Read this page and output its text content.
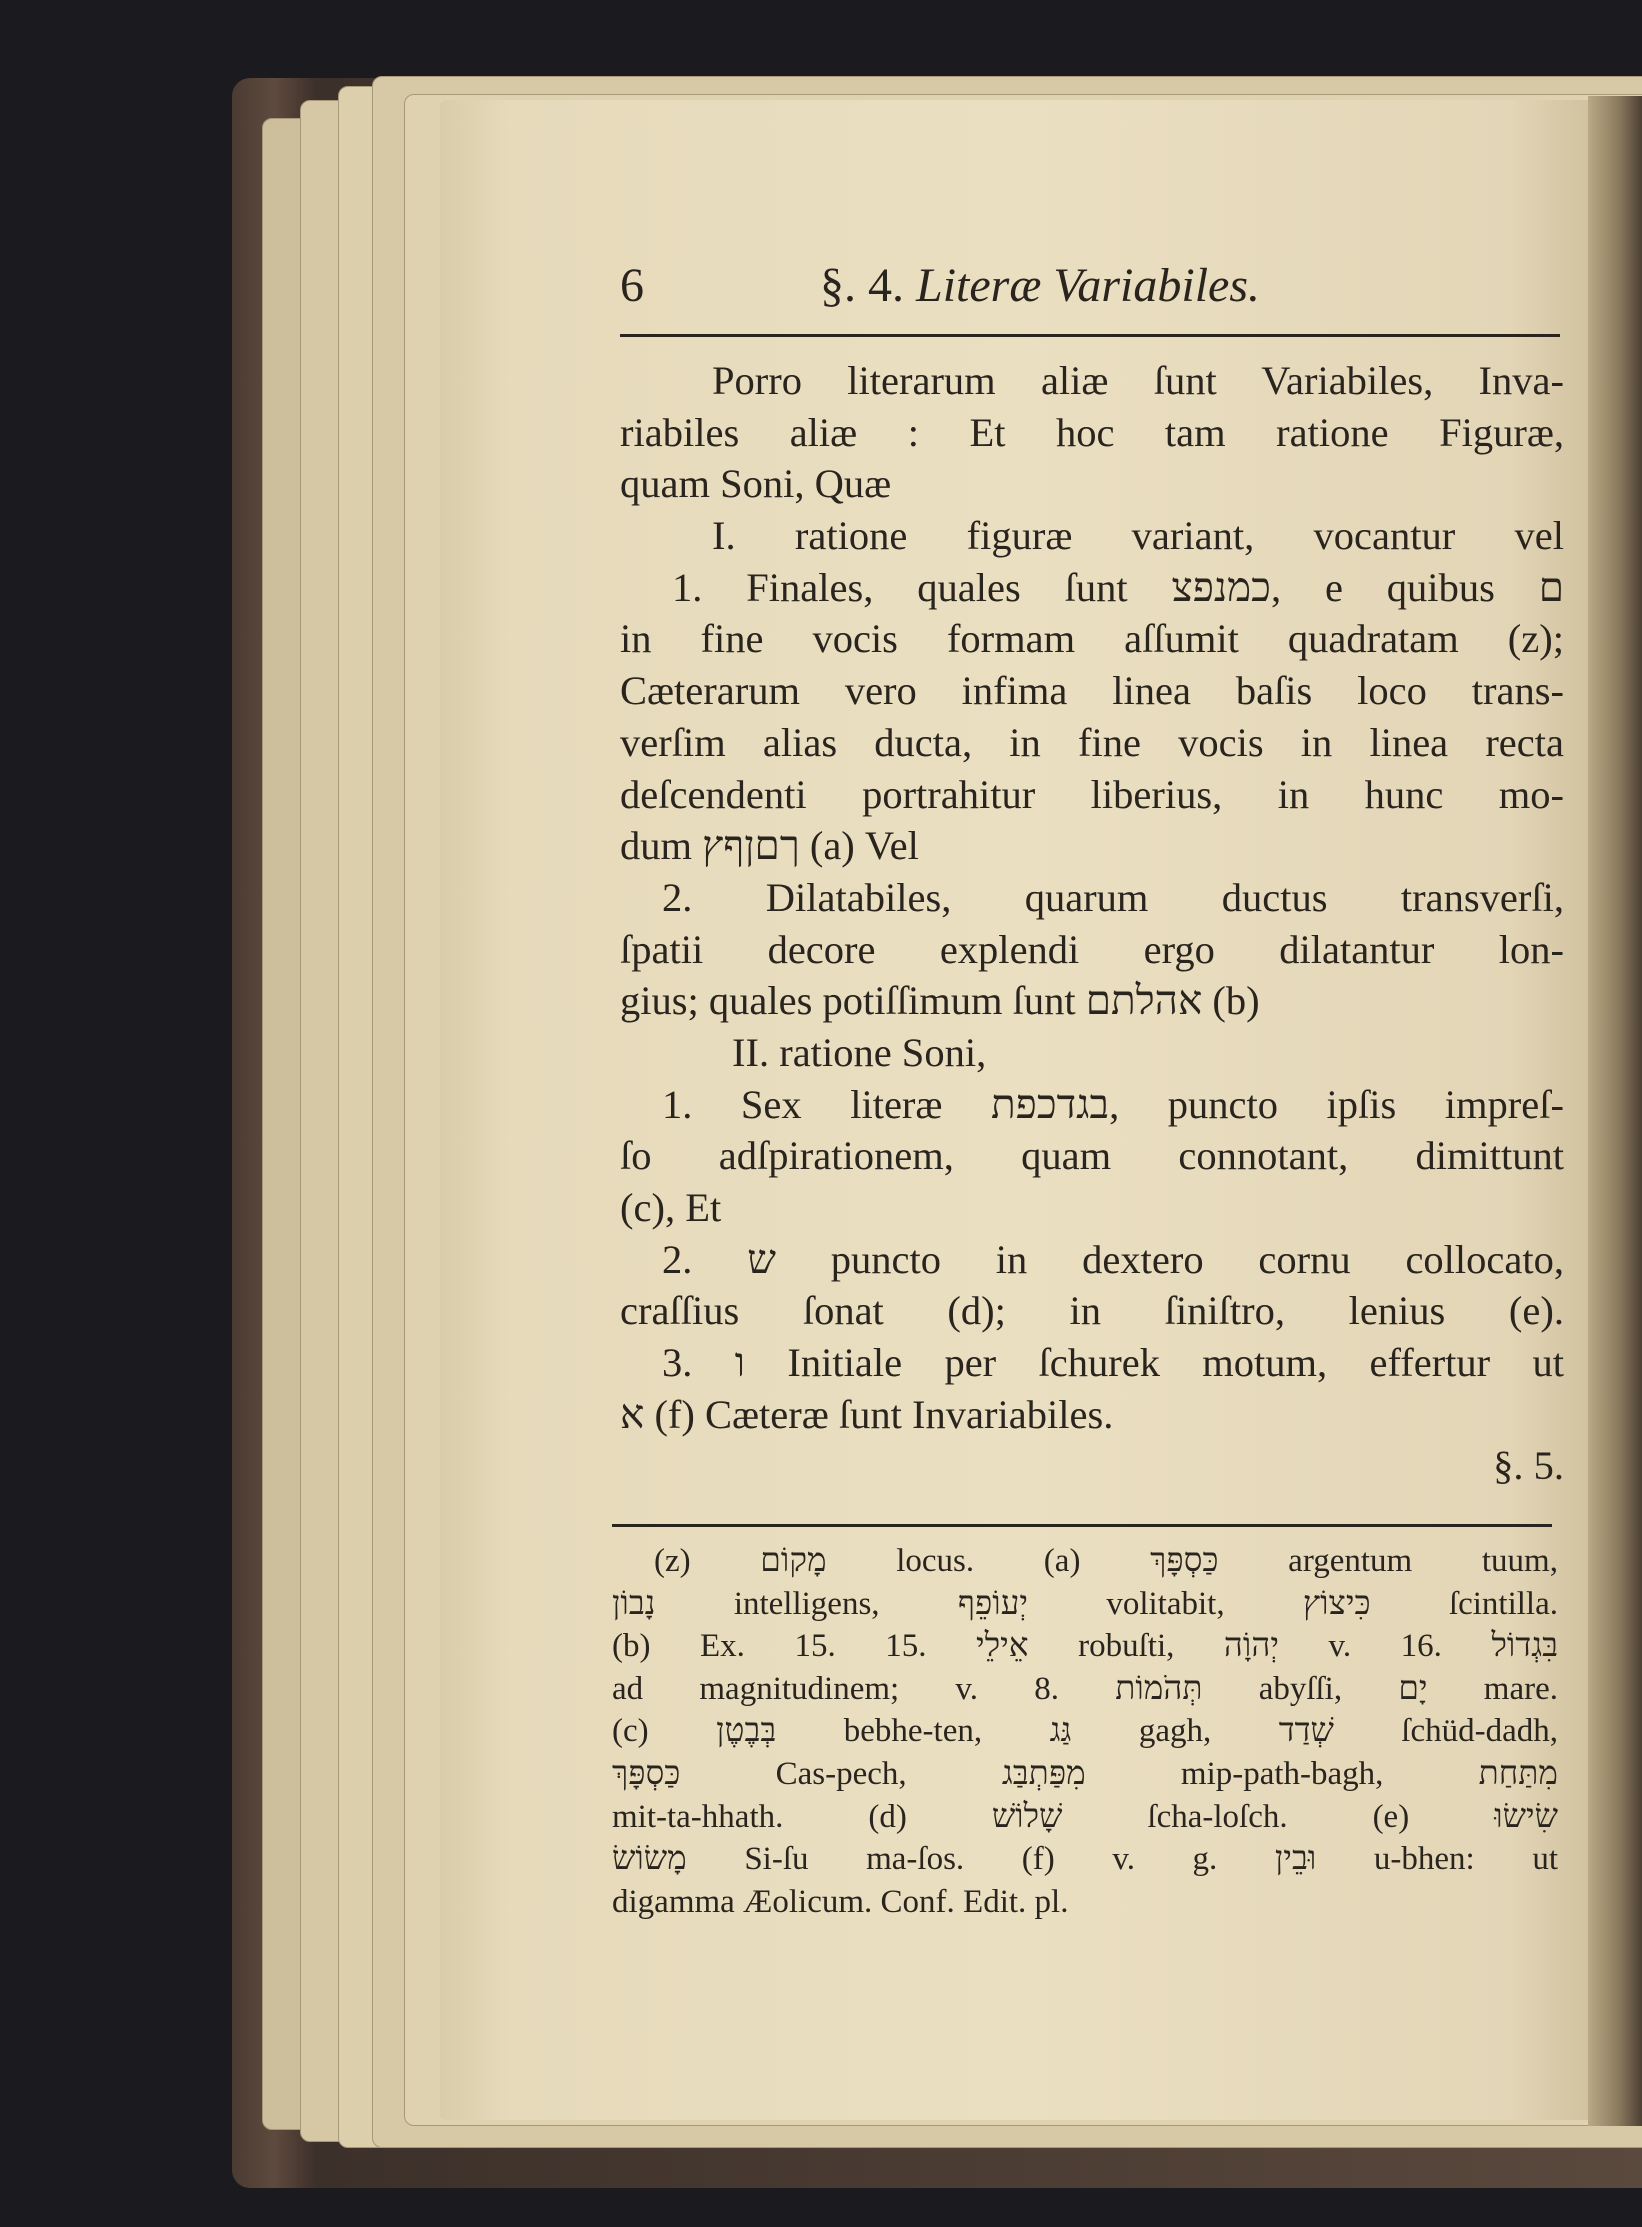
6	§. 4. Literæ Variabiles.
Porro literarum aliæ ſunt Variabiles, Inva-
riabiles aliæ : Et hoc tam ratione Figuræ,
quam Soni, Quæ
I. ratione figuræ variant, vocantur vel
1. Finales, quales ſunt כמנפצ, e quibus ם
in fine vocis formam aſſumit quadratam (z);
Cæterarum vero infima linea baſis loco trans-
verſim alias ducta, in fine vocis in linea recta
deſcendenti portrahitur liberius, in hunc mo-
dum ךםןףץ (a) Vel
2. Dilatabiles, quarum ductus transverſi,
ſpatii decore explendi ergo dilatantur lon-
gius; quales potiſſimum ſunt אהלתם (b)
II. ratione Soni,
1. Sex literæ בגדכפת, puncto ipſis impreſ-
ſo adſpirationem, quam connotant, dimittunt
(c), Et
2. ש puncto in dextero cornu collocato,
craſſius ſonat (d); in ſiniſtro, lenius (e).
3. ו Initiale per ſchurek motum, effertur ut
א (f) Cæteræ ſunt Invariabiles.
§. 5.
(z) מָקוֹם locus. (a) כַּסְפָּךְ argentum tuum,
נָבוֹן intelligens, יְעוֹפֵף volitabit, כִּיצוֹץ ſcintilla.
(b) Ex. 15. 15. אֵילֵי robuſti, יְהוָֹה v. 16. בִּגְדוֹל
ad magnitudinem; v. 8. תְּהֹמוֹת abyſſi, יָם mare.
(c) בְּבֶטֶן bebhe-ten, גַּג gagh, שְׁדַד ſchüd-dadh,
כַּסְפָּךְ Cas-pech, מִפַּתְבַּג mip-path-bagh, מִתַּחַת
mit-ta-hhath. (d) שָׁלוֹשׁ ſcha-loſch. (e) שִׂישׂוּ
מָשׂוֹשׂ Si-ſu ma-ſos. (f) v. g. וּבֵין u-bhen: ut
digamma Æolicum. Conf. Edit. pl.
